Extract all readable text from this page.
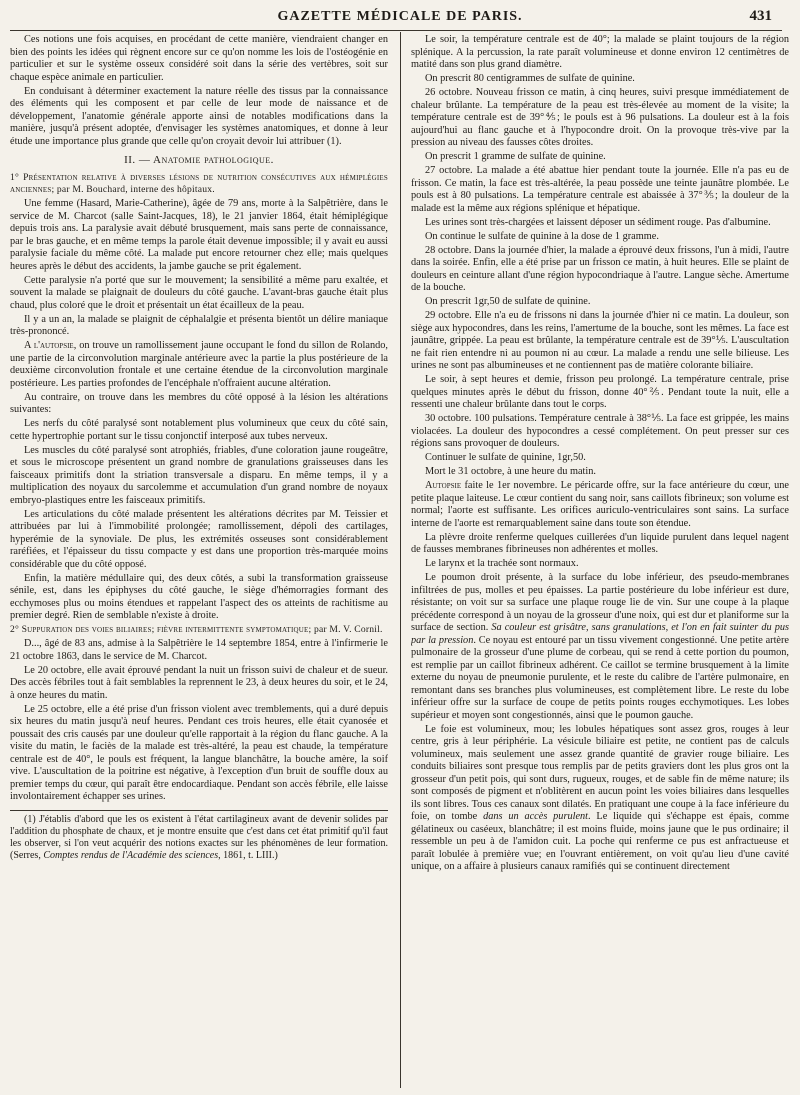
GAZETTE MÉDICALE DE PARIS.	431

Ces notions une fois acquises, en procédant de cette manière, viendraient changer en bien des points les idées qui règnent encore sur ce qu'on nomme les lois de l'ostéogénie en particulier et sur le système osseux considéré soit dans la série des vertèbres, soit sur chaque espèce animale en particulier.

En conduisant à déterminer exactement la nature réelle des tissus par la connaissance des éléments qui les composent et par celle de leur mode de naissance et de développement, l'anatomie générale apporte ainsi de notables modifications dans la manière, jusqu'à présent adoptée, d'envisager les systèmes anatomiques, et donne à leur étude une importance plus grande que celle qu'on croyait devoir lui attribuer (1).

II. — Anatomie pathologique.

1° Présentation relative à diverses lésions de nutrition consécutives aux hémiplégies anciennes; par M. Bouchard, interne des hôpitaux.

Une femme (Hasard, Marie-Catherine), âgée de 79 ans, morte à la Salpêtrière, dans le service de M. Charcot (salle Saint-Jacques, 18), le 21 janvier 1864, était hémiplégique depuis trois ans. La paralysie avait débuté brusquement, mais sans perte de connaissance, par le bras gauche, et en même temps la parole était devenue impossible; il y avait eu aussi paralysie faciale du même côté. La malade put encore retourner chez elle; mais quelques heures après le début des accidents, la jambe gauche se prit également.

Cette paralysie n'a porté que sur le mouvement; la sensibilité a même paru exaltée, et souvent la malade se plaignait de douleurs du côté gauche. L'avant-bras gauche était plus chaud, plus coloré que le droit et présentait un état écailleux de la peau.

Il y a un an, la malade se plaignit de céphalalgie et présenta bientôt un délire maniaque très-prononcé.

A l'autopsie, on trouve un ramollissement jaune occupant le fond du sillon de Rolando, une partie de la circonvolution marginale antérieure avec la partie la plus postérieure de la deuxième circonvolution frontale et une certaine étendue de la circonvolution marginale postérieure. Les parties profondes de l'encéphale n'offraient aucune altération.

Au contraire, on trouve dans les membres du côté opposé à la lésion les altérations suivantes:

Les nerfs du côté paralysé sont notablement plus volumineux que ceux du côté sain, cette hypertrophie portant sur le tissu conjonctif interposé aux tubes nerveux.

Les muscles du côté paralysé sont atrophiés, friables, d'une coloration jaune rougeâtre, et sous le microscope présentent un grand nombre de granulations graisseuses dans les faisceaux primitifs dont la striation transversale a disparu. En même temps, il y a multiplication des noyaux du sarcolemme et accumulation d'un grand nombre de noyaux embryo-plastiques entre les faisceaux primitifs.

Les articulations du côté malade présentent les altérations décrites par M. Teissier et attribuées par lui à l'immobilité prolongée; ramollissement, dépoli des cartilages, hyperémie de la synoviale. De plus, les extrémités osseuses sont considérablement raréfiées, et l'épaisseur du tissu compacte y est dans une proportion très-marquée moins considérable que du côté opposé.

Enfin, la matière médullaire qui, des deux côtés, a subi la transformation graisseuse sénile, est, dans les épiphyses du côté gauche, le siège d'hémorragies formant des ecchymoses plus ou moins étendues et rappelant l'aspect des os atteints de rachitisme au premier degré. Rien de semblable n'existe à droite.

2° Suppuration des voies biliaires; fièvre intermittente symptomatique; par M. V. Cornil.

D..., âgé de 83 ans, admise à la Salpêtrière le 14 septembre 1854, entre à l'infirmerie le 21 octobre 1863, dans le service de M. Charcot.

Le 20 octobre, elle avait éprouvé pendant la nuit un frisson suivi de chaleur et de sueur. Des accès fébriles tout à fait semblables la reprennent le 23, à deux heures du soir, et le 24, à onze heures du matin.

Le 25 octobre, elle a été prise d'un frisson violent avec tremblements, qui a duré depuis six heures du matin jusqu'à neuf heures. Pendant ces trois heures, elle était cyanosée et poussait des cris causés par une douleur qu'elle rapportait à la région du flanc gauche. A la visite du matin, le faciès de la malade est très-altéré, la peau est chaude, la température centrale est de 40°, le pouls est fréquent, la langue blanchâtre, la bouche amère, la soif vive. L'auscultation de la poitrine est négative, à l'exception d'un bruit de souffle doux au premier temps du cœur, qui paraît être endocardiaque. Pendant son accès fébrile, elle laisse involontairement échapper ses urines.

(1) J'établis d'abord que les os existent à l'état cartilagineux avant de devenir solides par l'addition du phosphate de chaux, et je montre ensuite que c'est dans cet état primitif qu'il faut les observer, si l'on veut acquérir des notions exactes sur les phénomènes de leur formation. (Serres, Comptes rendus de l'Académie des sciences, 1861, t. LIII.)

Le soir, la température centrale est de 40°; la malade se plaint toujours de la région splénique. A la percussion, la rate paraît volumineuse et donne environ 12 centimètres de matité dans son plus grand diamètre.

On prescrit 80 centigrammes de sulfate de quinine.

26 octobre. Nouveau frisson ce matin, à cinq heures, suivi presque immédiatement de chaleur brûlante. La température de la peau est très-élevée au moment de la visite; la température centrale est de 39°⅘; le pouls est à 96 pulsations. La douleur est à la fois aujourd'hui au flanc gauche et à l'hypocondre droit. On la provoque très-vive par la pression au niveau des fausses côtes droites.

On prescrit 1 gramme de sulfate de quinine.

27 octobre. La malade a été abattue hier pendant toute la journée. Elle n'a pas eu de frisson. Ce matin, la face est très-altérée, la peau possède une teinte jaunâtre plombée. Le pouls est à 80 pulsations. La température centrale est abaissée à 37°⅗; la douleur de la malade est la même aux régions splénique et hépatique.

Les urines sont très-chargées et laissent déposer un sédiment rouge. Pas d'albumine.

On continue le sulfate de quinine à la dose de 1 gramme.

28 octobre. Dans la journée d'hier, la malade a éprouvé deux frissons, l'un à midi, l'autre dans la soirée. Enfin, elle a été prise par un frisson ce matin, à huit heures. Elle se plaint de douleurs en ceinture allant d'une région hypocondriaque à l'autre. Langue sèche. Amertume de la bouche.

On prescrit 1gr,50 de sulfate de quinine.

29 octobre. Elle n'a eu de frissons ni dans la journée d'hier ni ce matin. La douleur, son siège aux hypocondres, dans les reins, l'amertume de la bouche, sont les mêmes. La face est jaunâtre, grippée. La peau est brûlante, la température centrale est de 39°⅕. L'auscultation ne fait rien entendre ni au poumon ni au cœur. La malade a rendu une selle bilieuse. Les urines ne sont pas albumineuses et ne contiennent pas de matière colorante biliaire.

Le soir, à sept heures et demie, frisson peu prolongé. La température centrale, prise quelques minutes après le début du frisson, donne 40°⅖. Pendant toute la nuit, elle a ressenti une chaleur brûlante dans tout le corps.

30 octobre. 100 pulsations. Température centrale à 38°⅕. La face est grippée, les mains violacées. La douleur des hypocondres a cessé complétement. On peut presser sur ces régions sans provoquer de douleurs.

Continuer le sulfate de quinine, 1gr,50.

Mort le 31 octobre, à une heure du matin.

Autopsie faite le 1er novembre. Le péricarde offre, sur la face antérieure du cœur, une petite plaque laiteuse. Le cœur contient du sang noir, sans caillots fibrineux; son volume est normal; l'aorte est suffisante. Les orifices auriculo-ventriculaires sont sains. La surface interne de l'aorte est remarquablement saine dans toute son étendue.

La plèvre droite renferme quelques cuillerées d'un liquide purulent dans lequel nagent de fausses membranes fibrineuses non adhérentes et molles.

Le larynx et la trachée sont normaux.

Le poumon droit présente, à la surface du lobe inférieur, des pseudo-membranes infiltrées de pus, molles et peu épaisses. La partie postérieure du lobe inférieur est dure, résistante; on voit sur sa surface une plaque rouge lie de vin. Sur une coupe à la plaque précédente correspond à un noyau de la grosseur d'une noix, qui est dur et planiforme sur la surface de section. Sa couleur est grisâtre, sans granulations, et l'on en fait suinter du pus par la pression. Ce noyau est entouré par un tissu vivement congestionné. Une petite artère pulmonaire de la grosseur d'une plume de corbeau, qui se rend à cette portion du poumon, est remplie par un caillot fibrineux adhérent. Ce caillot se termine brusquement à la limite externe du noyau de pneumonie purulente, et le reste du calibre de l'artère pulmonaire, en remontant dans ses branches plus volumineuses, est complètement libre. Le reste du lobe inférieur offre sur la surface de coupe de petits points rouges ecchymotiques. Les lobes supérieur et moyen sont congestionnés, ainsi que le poumon gauche.

Le foie est volumineux, mou; les lobules hépatiques sont assez gros, rouges à leur centre, gris à leur périphérie. La vésicule biliaire est petite, ne contient pas de calculs volumineux, mais seulement une assez grande quantité de gravier rouge biliaire. Les conduits biliaires sont presque tous remplis par de petits graviers dont les plus gros ont la grosseur d'un petit pois, qui sont durs, rugueux, rouges, et de sable fin de même nature; ils sont composés de pigment et n'oblitèrent en aucun point les voies biliaires dans lesquelles ils sont libres. Tous ces canaux sont dilatés. En pratiquant une coupe à la face inférieure du foie, on tombe dans un accès purulent. Le liquide qui s'échappe est épais, comme gélatineux ou caséeux, blanchâtre; il est moins fluide, moins jaune que le pus ordinaire; il ressemble un peu à de l'amidon cuit. La poche qui renferme ce pus est anfractueuse et paraît lobulée à première vue; en l'ouvrant entièrement, on voit qu'au lieu d'une cavité unique, on a affaire à plusieurs canaux ramifiés qui se continuent directement
